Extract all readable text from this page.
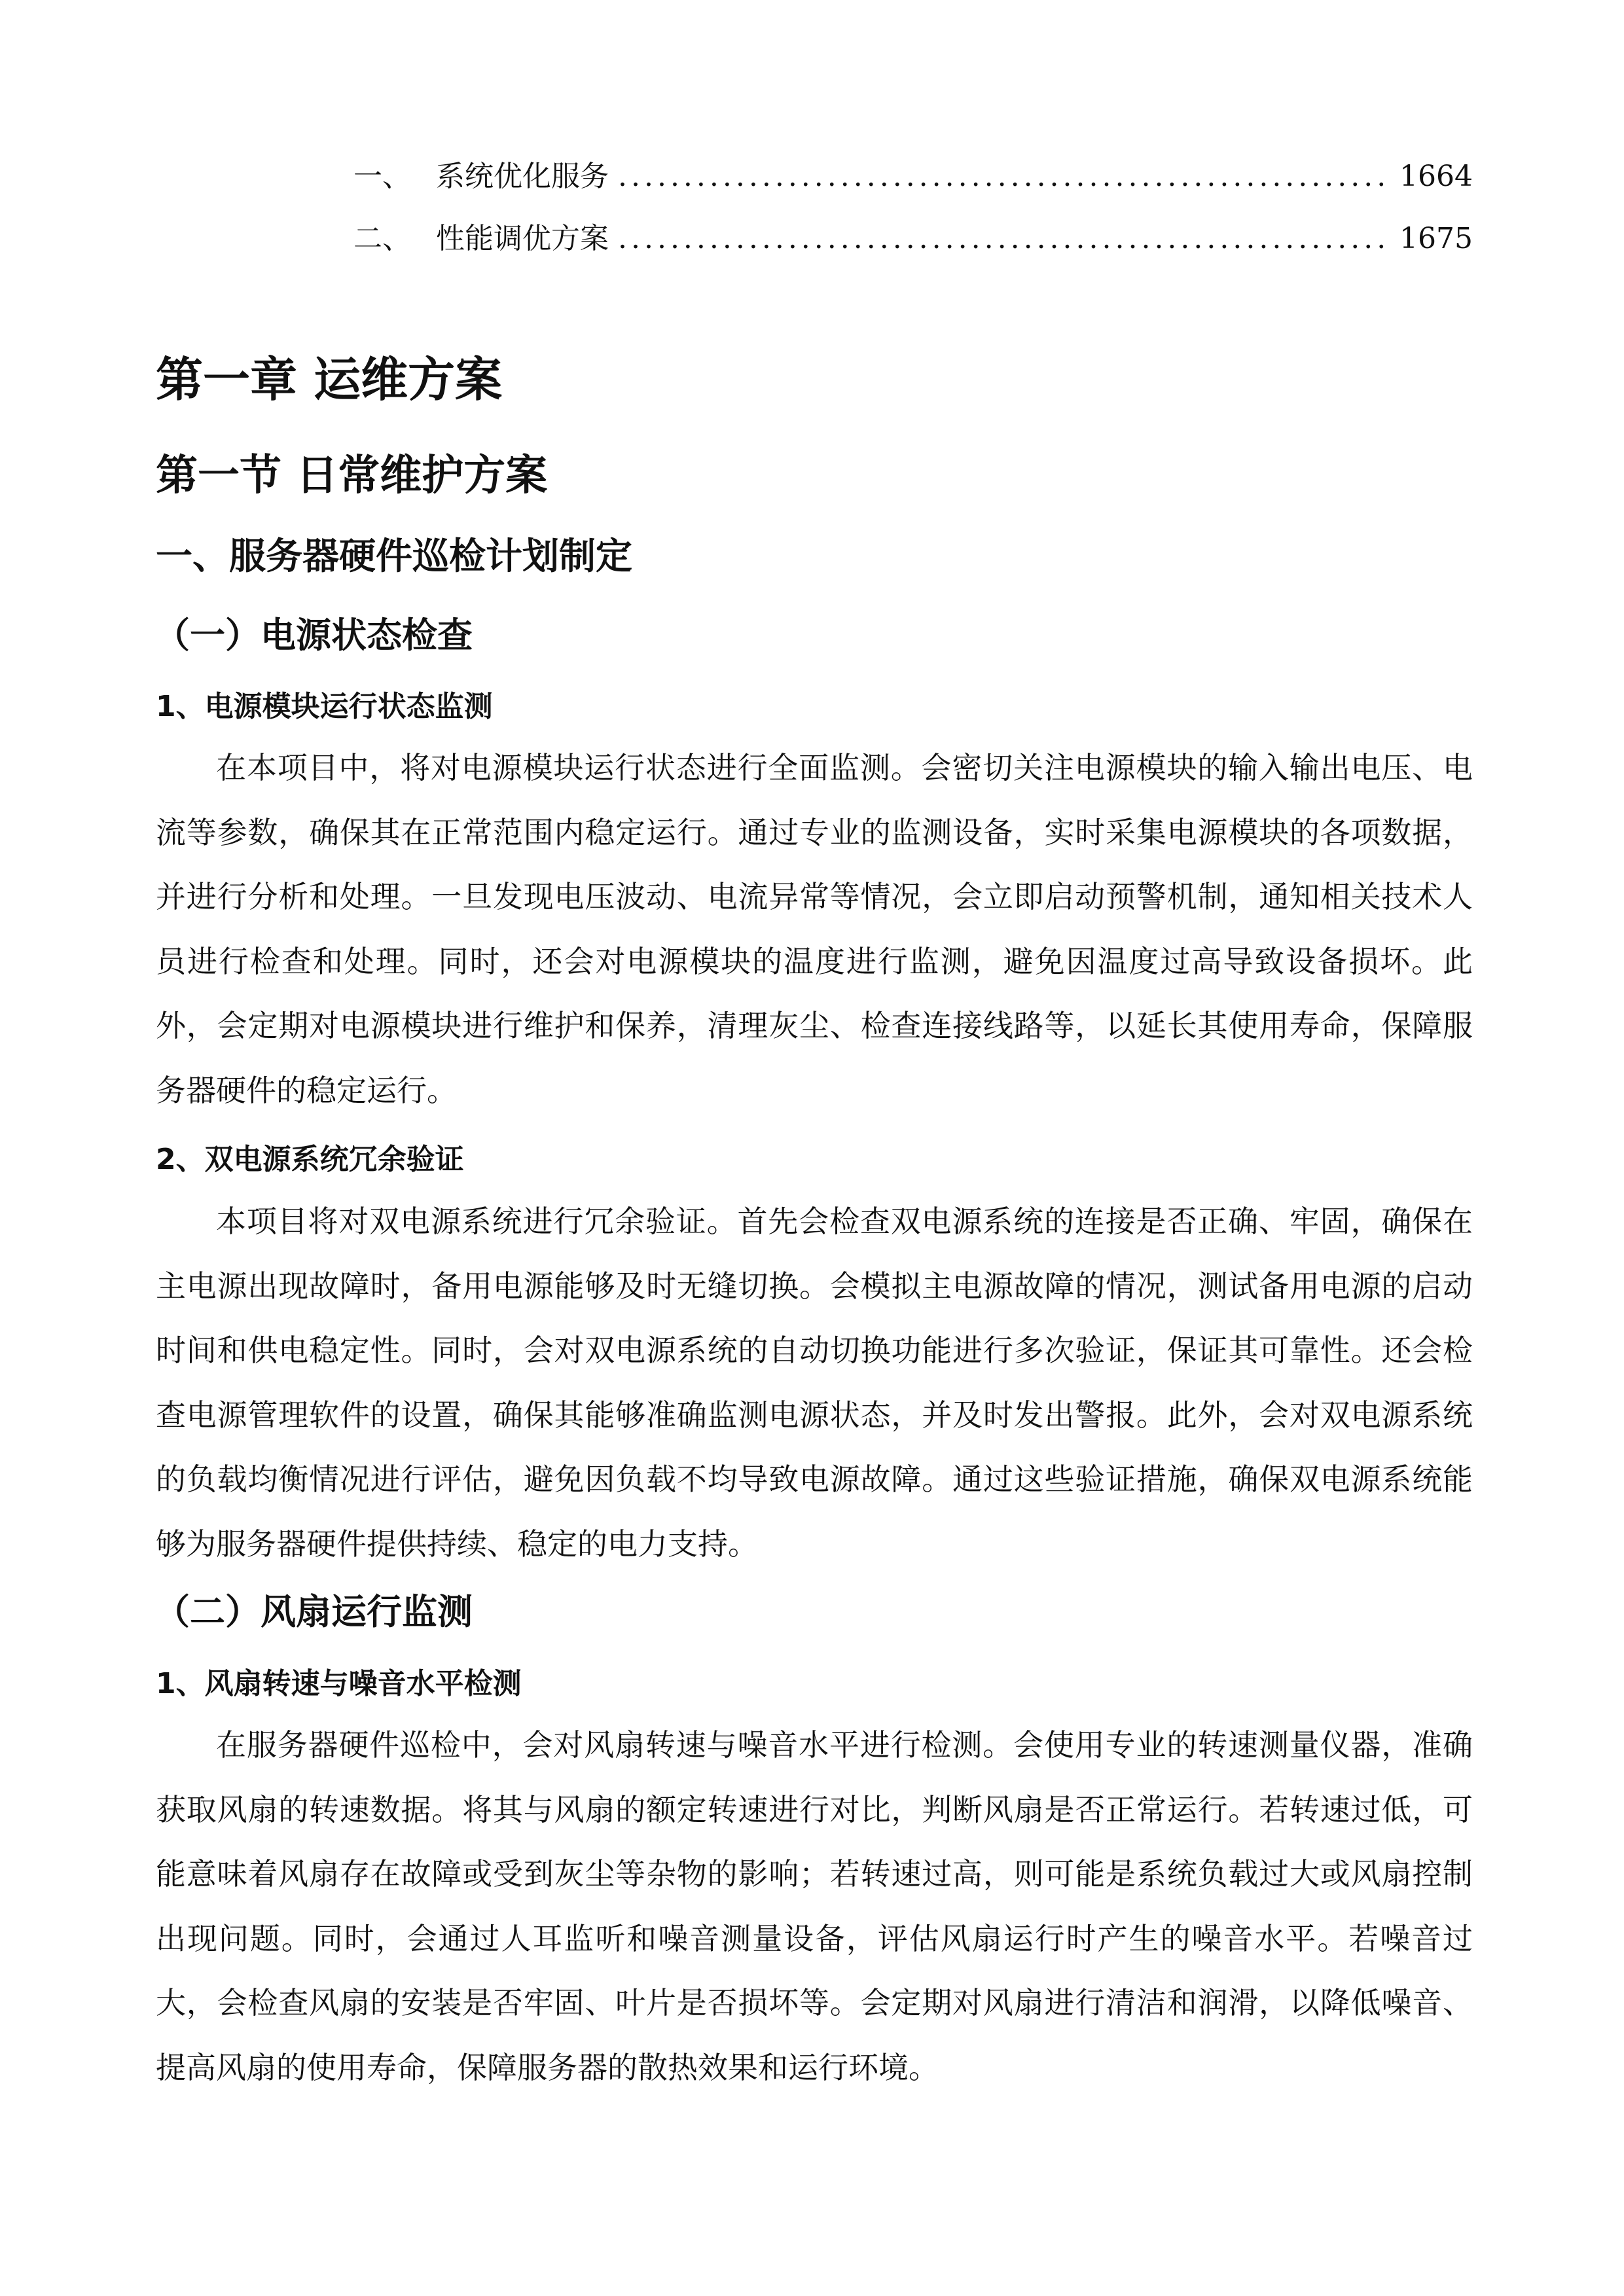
一、 系统优化服务 .....	1664
二、 性能调优方案 .....	1675
第一章 运维方案
第一节 日常维护方案
一、服务器硬件巡检计划制定
（一）电源状态检查
1、电源模块运行状态监测

在本项目中，将对电源模块运行状态进行全面监测。会密切关注电源模块的输入输出电压、电流等参数，确保其在正常范围内稳定运行。通过专业的监测设备，实时采集电源模块的各项数据，并进行分析和处理。一旦发现电压波动、电流异常等情况，会立即启动预警机制，通知相关技术人员进行检查和处理。同时，还会对电源模块的温度进行监测，避免因温度过高导致设备损坏。此外，会定期对电源模块进行维护和保养，清理灰尘、检查连接线路等，以延长其使用寿命，保障服务器硬件的稳定运行。

2、双电源系统冗余验证

本项目将对双电源系统进行冗余验证。首先会检查双电源系统的连接是否正确、牢固，确保在主电源出现故障时，备用电源能够及时无缝切换。会模拟主电源故障的情况，测试备用电源的启动时间和供电稳定性。同时，会对双电源系统的自动切换功能进行多次验证，保证其可靠性。还会检查电源管理软件的设置，确保其能够准确监测电源状态，并及时发出警报。此外，会对双电源系统的负载均衡情况进行评估，避免因负载不均导致电源故障。通过这些验证措施，确保双电源系统能够为服务器硬件提供持续、稳定的电力支持。

（二）风扇运行监测
1、风扇转速与噪音水平检测

在服务器硬件巡检中，会对风扇转速与噪音水平进行检测。会使用专业的转速测量仪器，准确获取风扇的转速数据。将其与风扇的额定转速进行对比，判断风扇是否正常运行。若转速过低，可能意味着风扇存在故障或受到灰尘等杂物的影响；若转速过高，则可能是系统负载过大或风扇控制出现问题。同时，会通过人耳监听和噪音测量设备，评估风扇运行时产生的噪音水平。若噪音过大，会检查风扇的安装是否牢固、叶片是否损坏等。会定期对风扇进行清洁和润滑，以降低噪音、提高风扇的使用寿命，保障服务器的散热效果和运行环境。
